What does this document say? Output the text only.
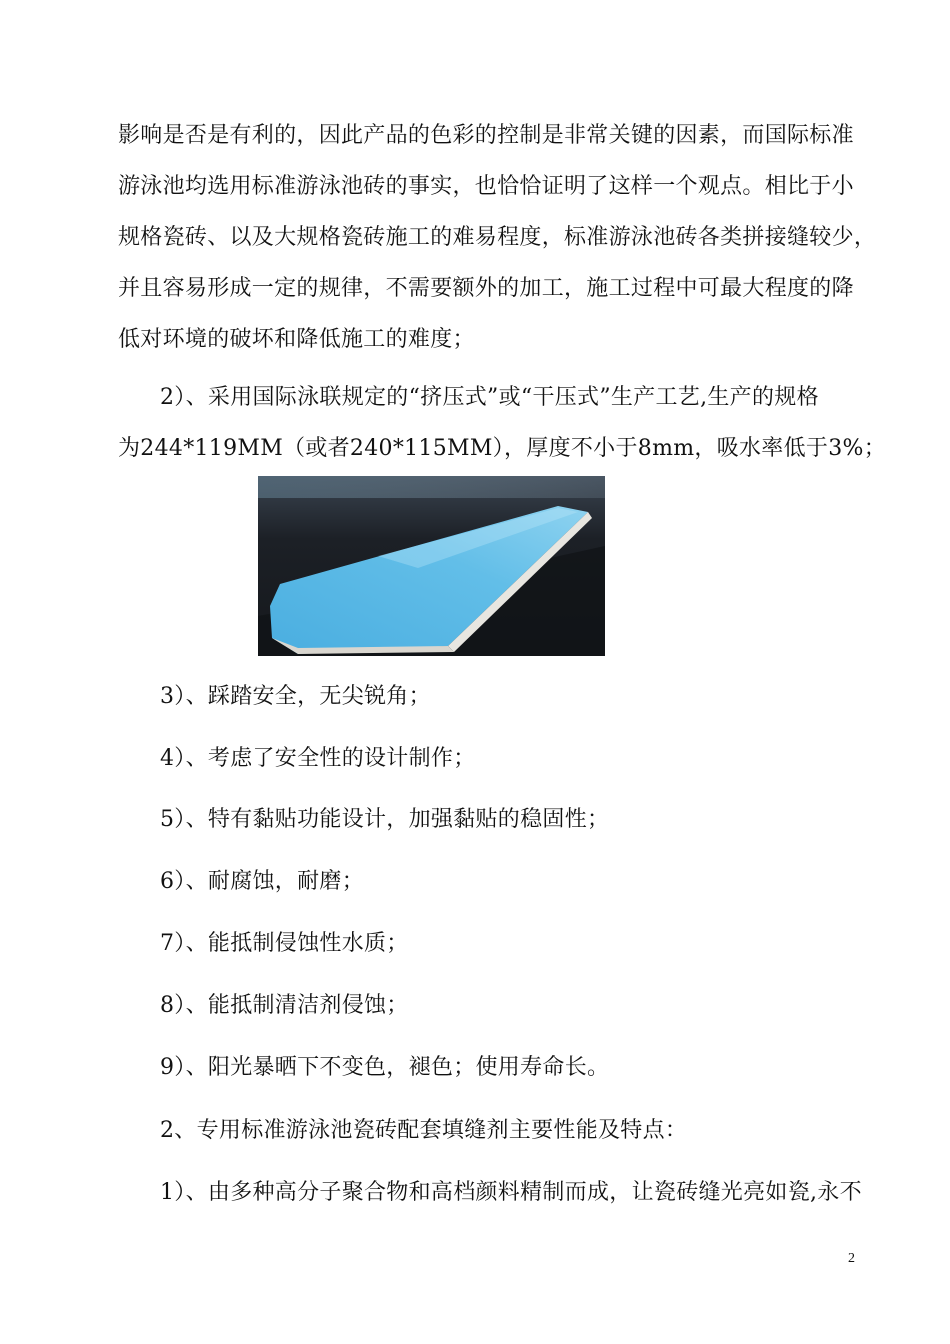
影响是否是有利的，因此产品的色彩的控制是非常关键的因素，而国际标准
游泳池均选用标准游泳池砖的事实，也恰恰证明了这样一个观点。相比于小
规格瓷砖、以及大规格瓷砖施工的难易程度，标准游泳池砖各类拼接缝较少，
并且容易形成一定的规律，不需要额外的加工，施工过程中可最大程度的降
低对环境的破坏和降低施工的难度；
2）、采用国际泳联规定的“挤压式”或“干压式”生产工艺,生产的规格
为244*119MM（或者240*115MM），厚度不小于8mm，吸水率低于3%；
3）、踩踏安全，无尖锐角；
4）、考虑了安全性的设计制作；
5）、特有黏贴功能设计，加强黏贴的稳固性；
6）、耐腐蚀，耐磨；
7）、能抵制侵蚀性水质；
8）、能抵制清洁剂侵蚀；
9）、阳光暴晒下不变色，褪色；使用寿命长。
2、专用标准游泳池瓷砖配套填缝剂主要性能及特点：
1）、由多种高分子聚合物和高档颜料精制而成，让瓷砖缝光亮如瓷,永不
2
